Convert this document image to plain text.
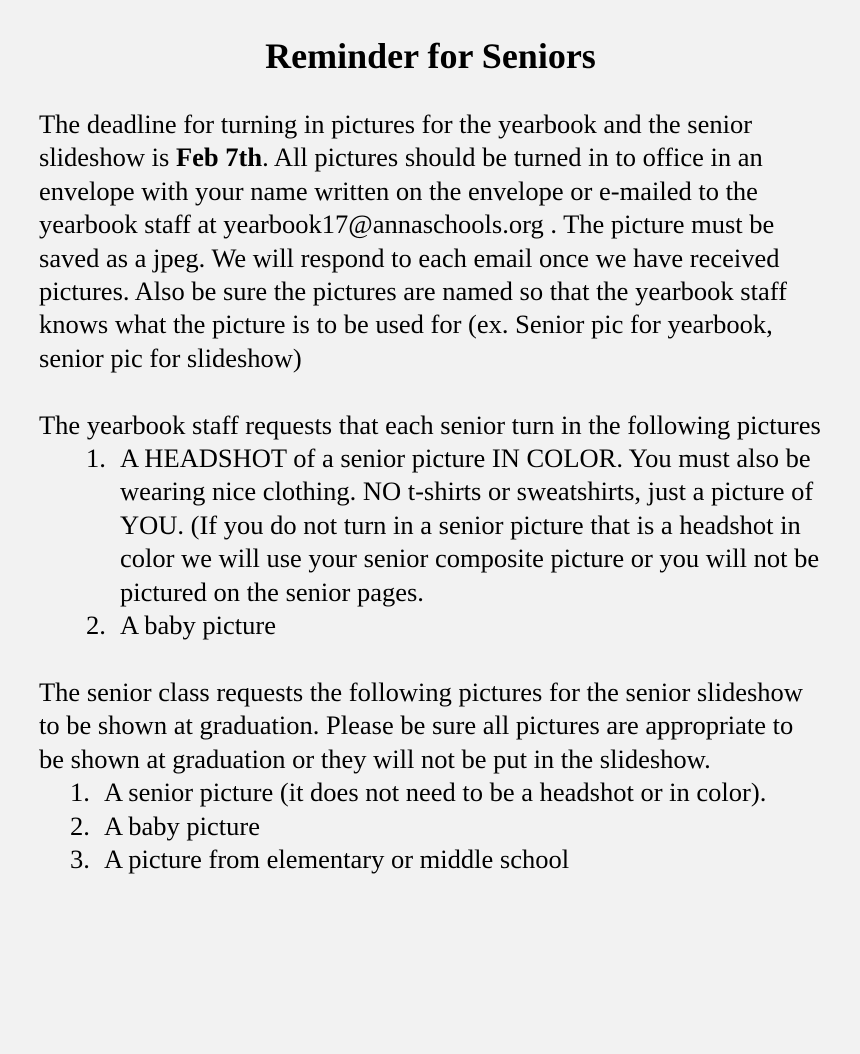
Reminder for Seniors

The deadline for turning in pictures for the yearbook and the senior slideshow is Feb 7th. All pictures should be turned in to office in an envelope with your name written on the envelope or e-mailed to the yearbook staff at yearbook17@annaschools.org . The picture must be saved as a jpeg. We will respond to each email once we have received pictures. Also be sure the pictures are named so that the yearbook staff knows what the picture is to be used for (ex. Senior pic for yearbook, senior pic for slideshow)

The yearbook staff requests that each senior turn in the following pictures

1. A HEADSHOT of a senior picture IN COLOR. You must also be wearing nice clothing. NO t-shirts or sweatshirts, just a picture of YOU. (If you do not turn in a senior picture that is a headshot in color we will use your senior composite picture or you will not be pictured on the senior pages.
2. A baby picture

The senior class requests the following pictures for the senior slideshow to be shown at graduation. Please be sure all pictures are appropriate to be shown at graduation or they will not be put in the slideshow.

1. A senior picture (it does not need to be a headshot or in color).
2. A baby picture
3. A picture from elementary or middle school
